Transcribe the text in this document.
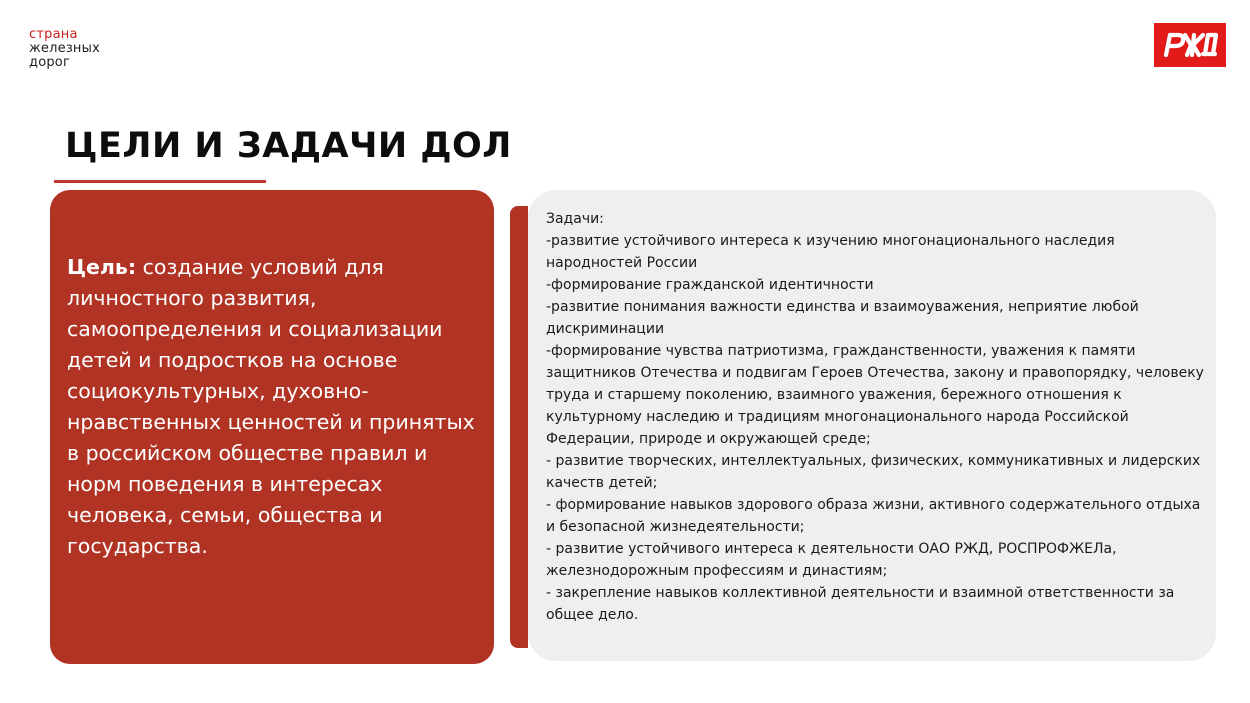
страна
железных
дорог
ЦЕЛИ И ЗАДАЧИ ДОЛ
Цель: создание условий для личностного развития, самоопределения и социализации детей и подростков на основе социокультурных, духовно-нравственных ценностей и принятых в российском обществе правил и норм поведения в интересах человека, семьи, общества и государства.

Задачи:

-развитие устойчивого интереса к изучению многонационального наследия народностей России

-формирование гражданской идентичности

-развитие понимания важности единства и взаимоуважения, неприятие любой дискриминации

-формирование чувства патриотизма, гражданственности, уважения к памяти защитников Отечества и подвигам Героев Отечества, закону и правопорядку, человеку труда и старшему поколению, взаимного уважения, бережного отношения к культурному наследию и традициям многонационального народа Российской Федерации, природе и окружающей среде;

- развитие творческих, интеллектуальных, физических, коммуникативных и лидерских качеств детей;

- формирование навыков здорового образа жизни, активного содержательного отдыха и безопасной жизнедеятельности;

- развитие устойчивого интереса к деятельности ОАО РЖД, РОСПРОФЖЕЛа, железнодорожным профессиям и династиям;

- закрепление навыков коллективной деятельности и взаимной ответственности за общее дело.
